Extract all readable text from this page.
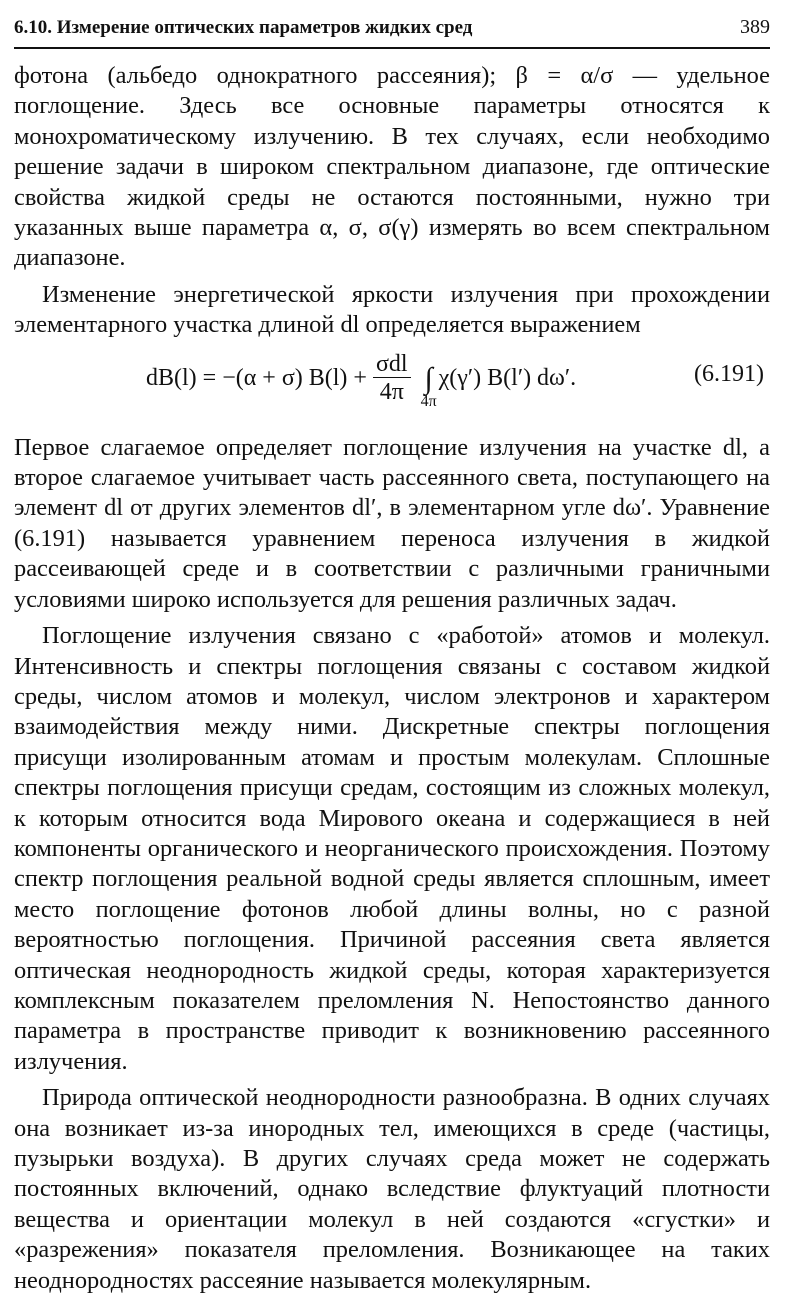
6.10. Измерение оптических параметров жидких сред	389

фотона (альбедо однократного рассеяния); β = α/σ — удельное поглощение. Здесь все основные параметры относятся к монохроматическому излучению. В тех случаях, если необходимо решение задачи в широком спектральном диапазоне, где оптические свойства жидкой среды не остаются постоянными, нужно три указанных выше параметра α, σ, σ(γ) измерять во всем спектральном диапазоне.

Изменение энергетической яркости излучения при прохождении элементарного участка длиной dl определяется выражением

dB(l) = −(α + σ) $B(l) + \frac{\text{σdl}}{4\pi}$ ∫
4π
χ(γ′) B(l′) dω′.	(6.191)

Первое слагаемое определяет поглощение излучения на участке dl, а второе слагаемое учитывает часть рассеянного света, поступающего на элемент dl от других элементов dl′, в элементарном угле dω′. Уравнение (6.191) называется уравнением переноса излучения в жидкой рассеивающей среде и в соответствии с различными граничными условиями широко используется для решения различных задач.

Поглощение излучения связано с «работой» атомов и молекул. Интенсивность и спектры поглощения связаны с составом жидкой среды, числом атомов и молекул, числом электронов и характером взаимодействия между ними. Дискретные спектры поглощения присущи изолированным атомам и простым молекулам. Сплошные спектры поглощения присущи средам, состоящим из сложных молекул, к которым относится вода Мирового океана и содержащиеся в ней компоненты органического и неорганического происхождения. Поэтому спектр поглощения реальной водной среды является сплошным, имеет место поглощение фотонов любой длины волны, но с разной вероятностью поглощения. Причиной рассеяния света является оптическая неоднородность жидкой среды, которая характеризуется комплексным показателем преломления N. Непостоянство данного параметра в пространстве приводит к возникновению рассеянного излучения.

Природа оптической неоднородности разнообразна. В одних случаях она возникает из-за инородных тел, имеющихся в среде (частицы, пузырьки воздуха). В других случаях среда может не содержать постоянных включений, однако вследствие флуктуаций плотности вещества и ориентации молекул в ней создаются «сгустки» и «разрежения» показателя преломления. Возникающее на таких неоднородностях рассеяние называется молекулярным.
